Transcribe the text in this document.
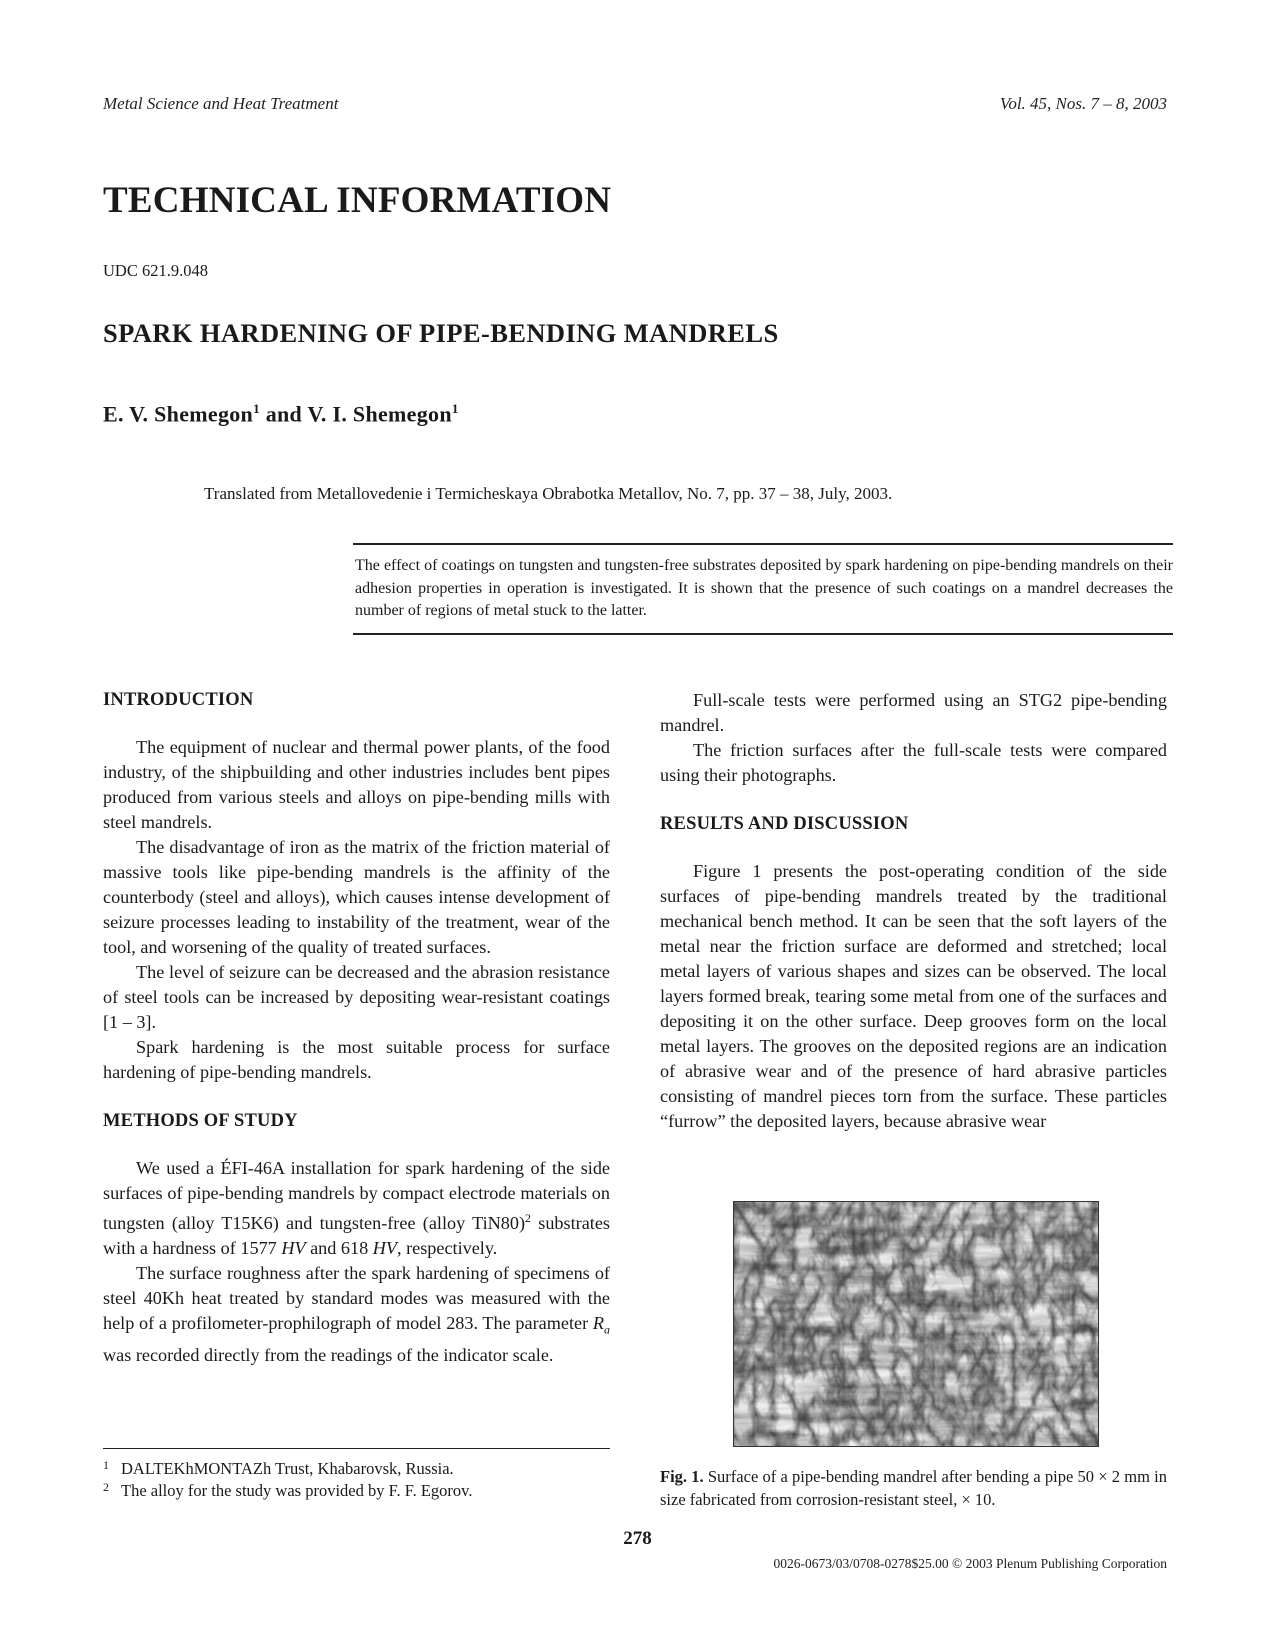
Metal Science and Heat Treatment	Vol. 45, Nos. 7 – 8, 2003
TECHNICAL INFORMATION
UDC 621.9.048
SPARK HARDENING OF PIPE-BENDING MANDRELS
E. V. Shemegon$^1$ and V. I. Shemegon$^1$
Translated from Metallovedenie i Termicheskaya Obrabotka Metallov, No. 7, pp. 37 – 38, July, 2003.
The effect of coatings on tungsten and tungsten-free substrates deposited by spark hardening on pipe-bending mandrels on their adhesion properties in operation is investigated. It is shown that the presence of such coatings on a mandrel decreases the number of regions of metal stuck to the latter.
INTRODUCTION

The equipment of nuclear and thermal power plants, of the food industry, of the shipbuilding and other industries includes bent pipes produced from various steels and alloys on pipe-bending mills with steel mandrels.

The disadvantage of iron as the matrix of the friction material of massive tools like pipe-bending mandrels is the affinity of the counterbody (steel and alloys), which causes intense development of seizure processes leading to instability of the treatment, wear of the tool, and worsening of the quality of treated surfaces.

The level of seizure can be decreased and the abrasion resistance of steel tools can be increased by depositing wear-resistant coatings [1 – 3].

Spark hardening is the most suitable process for surface hardening of pipe-bending mandrels.

METHODS OF STUDY

We used a ÉFI-46A installation for spark hardening of the side surfaces of pipe-bending mandrels by compact electrode materials on tungsten (alloy T15K6) and tungsten-free (alloy TiN80)$^2$ substrates with a hardness of 1577 HV and 618 HV, respectively.

The surface roughness after the spark hardening of specimens of steel 40Kh heat treated by standard modes was measured with the help of a profilometer-prophilograph of model 283. The parameter $R_a$ was recorded directly from the readings of the indicator scale.

Full-scale tests were performed using an STG2 pipe-bending mandrel.

The friction surfaces after the full-scale tests were compared using their photographs.

RESULTS AND DISCUSSION

Figure 1 presents the post-operating condition of the side surfaces of pipe-bending mandrels treated by the traditional mechanical bench method. It can be seen that the soft layers of the metal near the friction surface are deformed and stretched; local metal layers of various shapes and sizes can be observed. The local layers formed break, tearing some metal from one of the surfaces and depositing it on the other surface. Deep grooves form on the local metal layers. The grooves on the deposited regions are an indication of abrasive wear and of the presence of hard abrasive particles consisting of mandrel pieces torn from the surface. These particles “furrow” the deposited layers, because abrasive wear

Fig. 1. Surface of a pipe-bending mandrel after bending a pipe 50 × 2 mm in size fabricated from corrosion-resistant steel, × 10.
1 DALTEKhMONTAZh Trust, Khabarovsk, Russia.
2 The alloy for the study was provided by F. F. Egorov.
278
0026-0673/03/0708-0278$25.00 © 2003 Plenum Publishing Corporation
